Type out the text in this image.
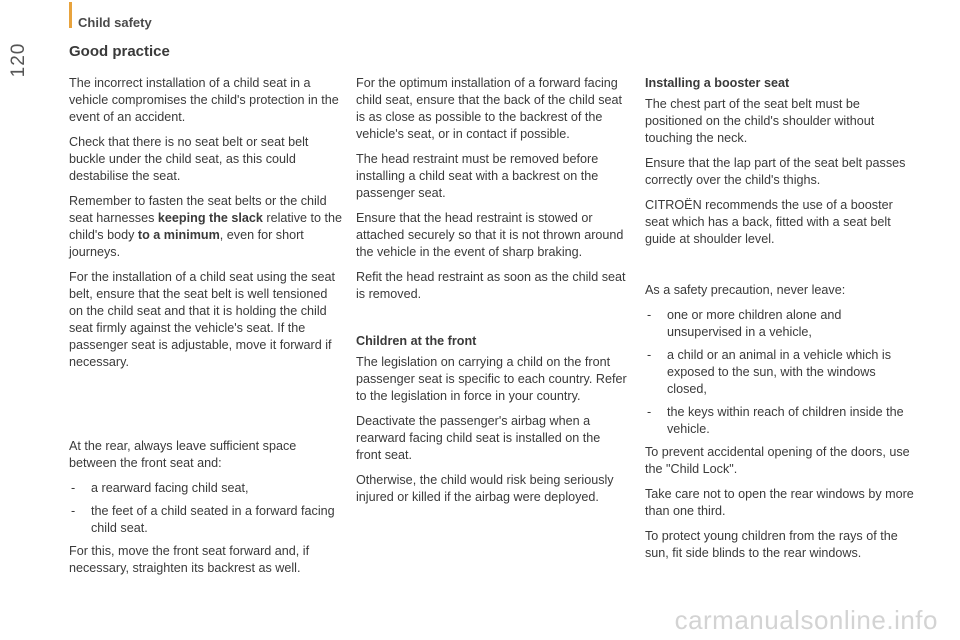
Child safety
120	Good practice

The incorrect installation of a child seat in a vehicle compromises the child's protection in the event of an accident.

Check that there is no seat belt or seat belt buckle under the child seat, as this could destabilise the seat.

Remember to fasten the seat belts or the child seat harnesses keeping the slack relative to the child's body to a minimum, even for short journeys.

For the installation of a child seat using the seat belt, ensure that the seat belt is well tensioned on the child seat and that it is holding the child seat firmly against the vehicle's seat. If the passenger seat is adjustable, move it forward if necessary.

At the rear, always leave sufficient space between the front seat and:

- a rearward facing child seat,
- the feet of a child seated in a forward facing child seat.

For this, move the front seat forward and, if necessary, straighten its backrest as well.

For the optimum installation of a forward facing child seat, ensure that the back of the child seat is as close as possible to the backrest of the vehicle's seat, or in contact if possible.

The head restraint must be removed before installing a child seat with a backrest on the passenger seat.

Ensure that the head restraint is stowed or attached securely so that it is not thrown around the vehicle in the event of sharp braking.

Refit the head restraint as soon as the child seat is removed.

Children at the front

The legislation on carrying a child on the front passenger seat is specific to each country. Refer to the legislation in force in your country.

Deactivate the passenger's airbag when a rearward facing child seat is installed on the front seat.

Otherwise, the child would risk being seriously injured or killed if the airbag were deployed.

Installing a booster seat

The chest part of the seat belt must be positioned on the child's shoulder without touching the neck.

Ensure that the lap part of the seat belt passes correctly over the child's thighs.

CITROËN recommends the use of a booster seat which has a back, fitted with a seat belt guide at shoulder level.

As a safety precaution, never leave:

- one or more children alone and unsupervised in a vehicle,
- a child or an animal in a vehicle which is exposed to the sun, with the windows closed,
- the keys within reach of children inside the vehicle.

To prevent accidental opening of the doors, use the "Child Lock".

Take care not to open the rear windows by more than one third.

To protect young children from the rays of the sun, fit side blinds to the rear windows.

carmanualsonline.info
